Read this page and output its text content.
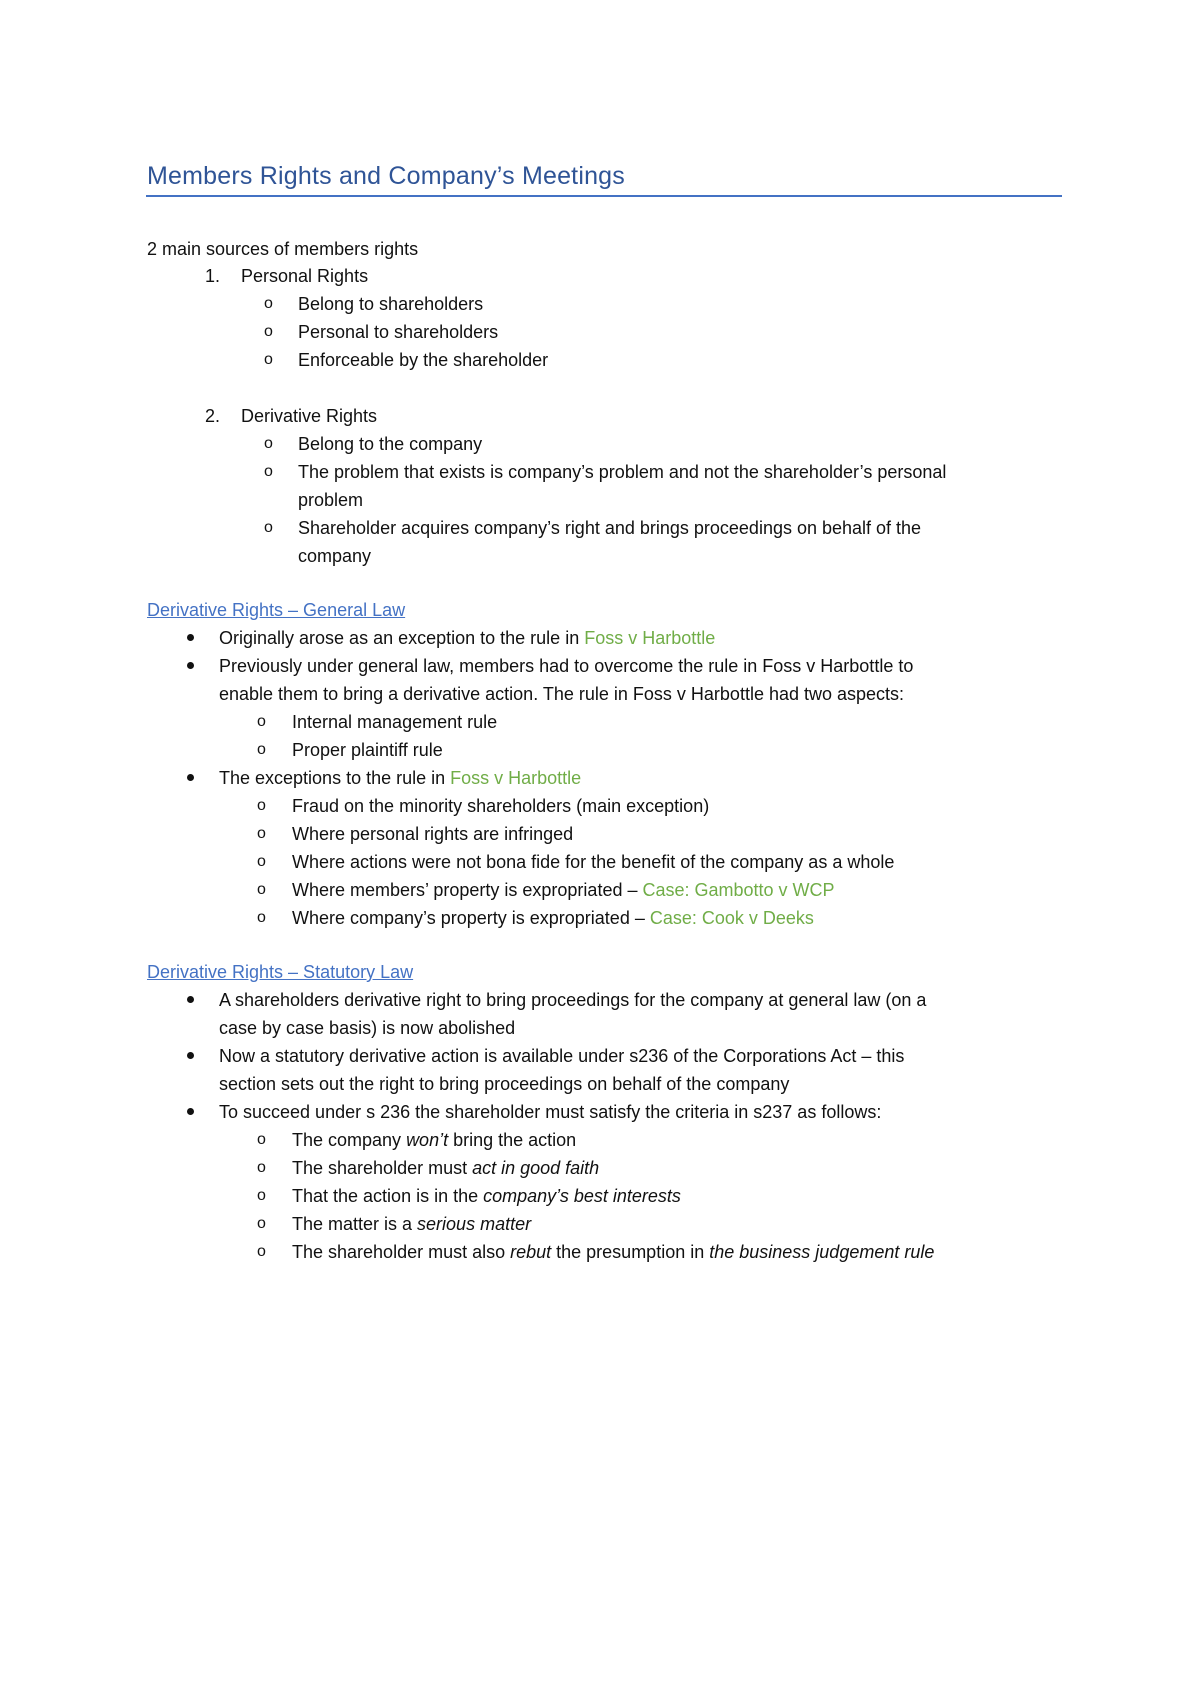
Members Rights and Company’s Meetings
2 main sources of members rights
1. Personal Rights
o Belong to shareholders
o Personal to shareholders
o Enforceable by the shareholder
2. Derivative Rights
o Belong to the company
o The problem that exists is company’s problem and not the shareholder’s personal
problem
o Shareholder acquires company’s right and brings proceedings on behalf of the
company
Derivative Rights – General Law
Originally arose as an exception to the rule in Foss v Harbottle
Previously under general law, members had to overcome the rule in Foss v Harbottle to
enable them to bring a derivative action. The rule in Foss v Harbottle had two aspects:
o Internal management rule
o Proper plaintiff rule
The exceptions to the rule in Foss v Harbottle
o Fraud on the minority shareholders (main exception)
o Where personal rights are infringed
o Where actions were not bona fide for the benefit of the company as a whole
o Where members’ property is expropriated – Case: Gambotto v WCP
o Where company’s property is expropriated – Case: Cook v Deeks
Derivative Rights – Statutory Law
A shareholders derivative right to bring proceedings for the company at general law (on a
case by case basis) is now abolished
Now a statutory derivative action is available under s236 of the Corporations Act – this
section sets out the right to bring proceedings on behalf of the company
To succeed under s 236 the shareholder must satisfy the criteria in s237 as follows:
o The company won’t bring the action
o The shareholder must act in good faith
o That the action is in the company’s best interests
o The matter is a serious matter
o The shareholder must also rebut the presumption in the business judgement rule
